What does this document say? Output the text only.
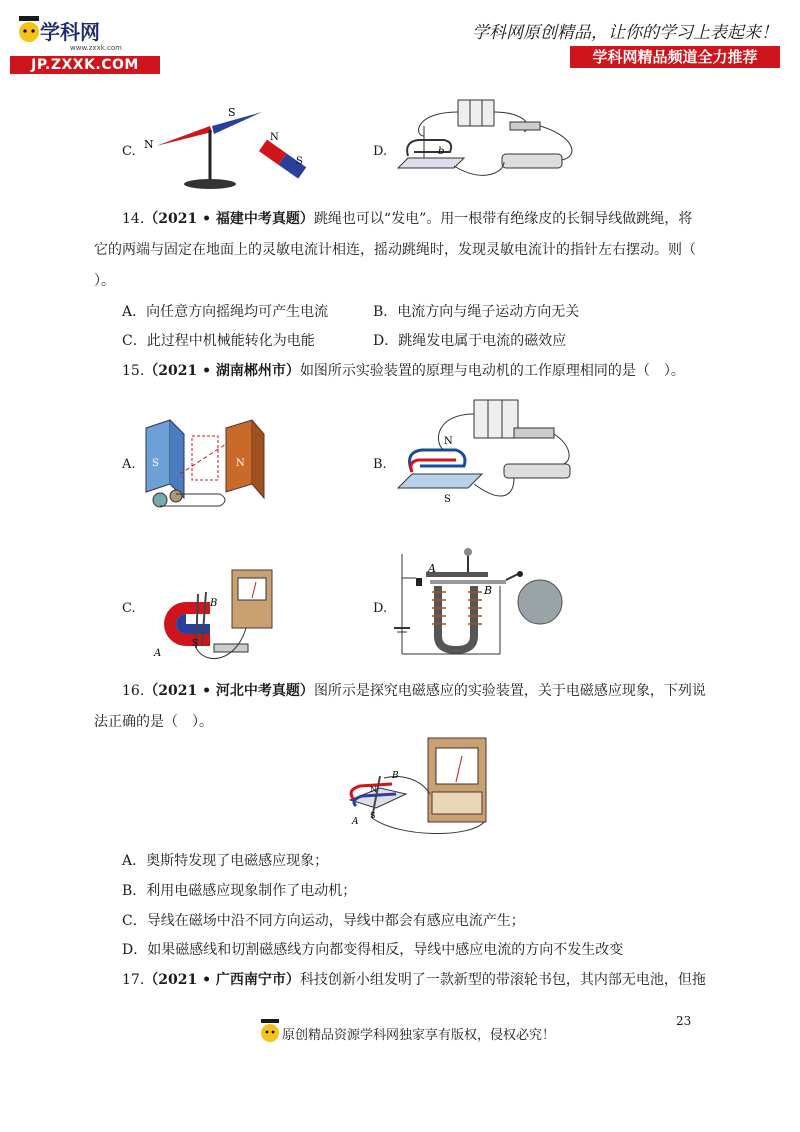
学科网
www.zxxk.com
JP.ZXXK.COM
学科网原创精品，让你的学习上表起来！
学科网精品频道全力推荐
C. N
S
N
S
D.	b
14.（2021 • 福建中考真题）跳绳也可以“发电”。用一根带有绝缘皮的长铜导线做跳绳，将
它的两端与固定在地面上的灵敏电流计相连，摇动跳绳时，发现灵敏电流计的指针左右摆动。则（
）。
A．向任意方向摇绳均可产生电流	B．电流方向与绳子运动方向无关
C．此过程中机械能转化为电能	D．跳绳发电属于电流的磁效应
15.（2021 • 湖南郴州市）如图所示实验装置的原理与电动机的工作原理相同的是（　）。
A. S	N	B.
N
S
C.	B
A
S
D.
A
B
16.（2021 • 河北中考真题）图所示是探究电磁感应的实验装置，关于电磁感应现象，下列说
法正确的是（　）。
N
B
A
S
A．奥斯特发现了电磁感应现象；
B．利用电磁感应现象制作了电动机；
C．导线在磁场中沿不同方向运动，导线中都会有感应电流产生；
D．如果磁感线和切割磁感线方向都变得相反，导线中感应电流的方向不发生改变
17.（2021 • 广西南宁市）科技创新小组发明了一款新型的带滚轮书包，其内部无电池，但拖
23
原创精品资源学科网独家享有版权，侵权必究！
